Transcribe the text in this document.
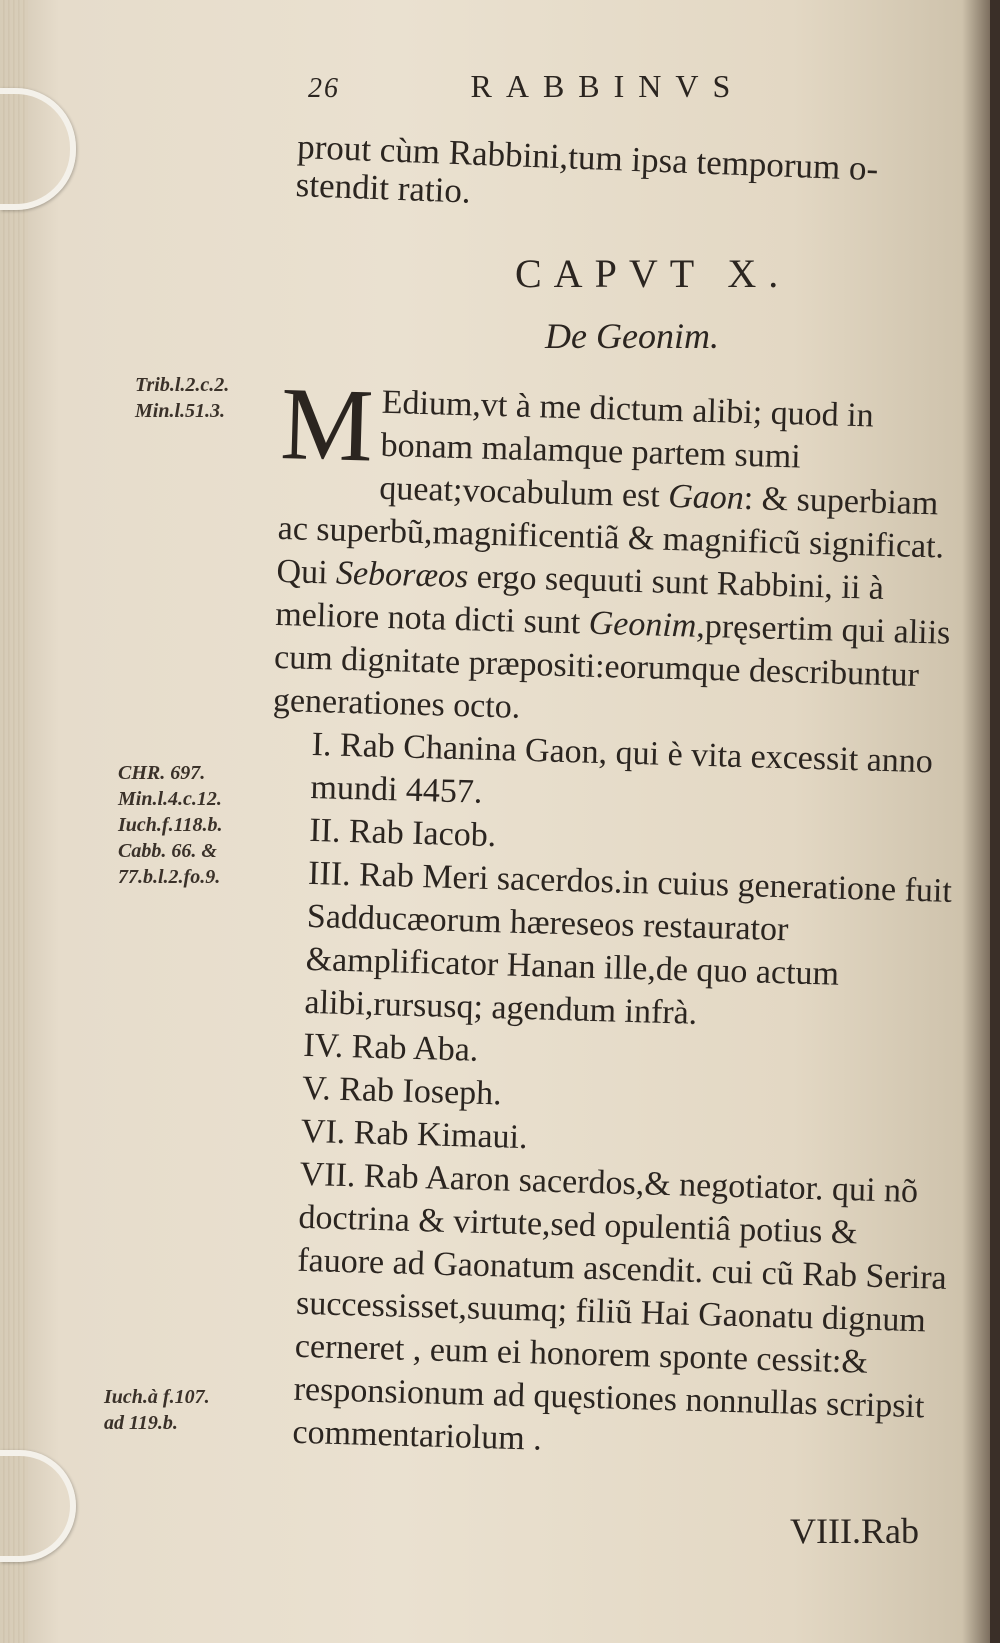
26	RABBINVS
prout cùm Rabbini,tum ipsa temporum o-
stendit ratio.
CAPVT X.
De Geonim.
Trib.l.2.c.2.
Min.l.51.3.
CHR. 697.
Min.l.4.c.12.
Iuch.f.118.b.
Cabb. 66. &
77.b.l.2.fo.9.
Iuch.à f.107.
ad 119.b.

M Edium,vt à me dictum alibi; quod in bonam malamque partem sumi queat;vocabulum est Gaon: & superbiam ac superbũ,magnificentiã & magnificũ significat. Qui Seboræos ergo sequuti sunt Rabbini, ii à meliore nota dicti sunt Geonim,pręsertim qui aliis cum dignitate præpositi:eorumque describuntur generationes octo.

I. Rab Chanina Gaon, qui è vita excessit anno mundi 4457.

II. Rab Iacob.

III. Rab Meri sacerdos.in cuius generatione fuit Sadducæorum hæreseos restaurator &amplificator Hanan ille,de quo actum alibi,rursusq; agendum infrà.

IV. Rab Aba.

V. Rab Ioseph.

VI. Rab Kimaui.

VII. Rab Aaron sacerdos,& negotiator. qui nõ doctrina & virtute,sed opulentiâ potius & fauore ad Gaonatum ascendit. cui cũ Rab Serira successisset,suumq; filiũ Hai Gaonatu dignum cerneret , eum ei honorem sponte cessit:& responsionum ad quęstiones nonnullas scripsit commentariolum .

VIII.Rab
